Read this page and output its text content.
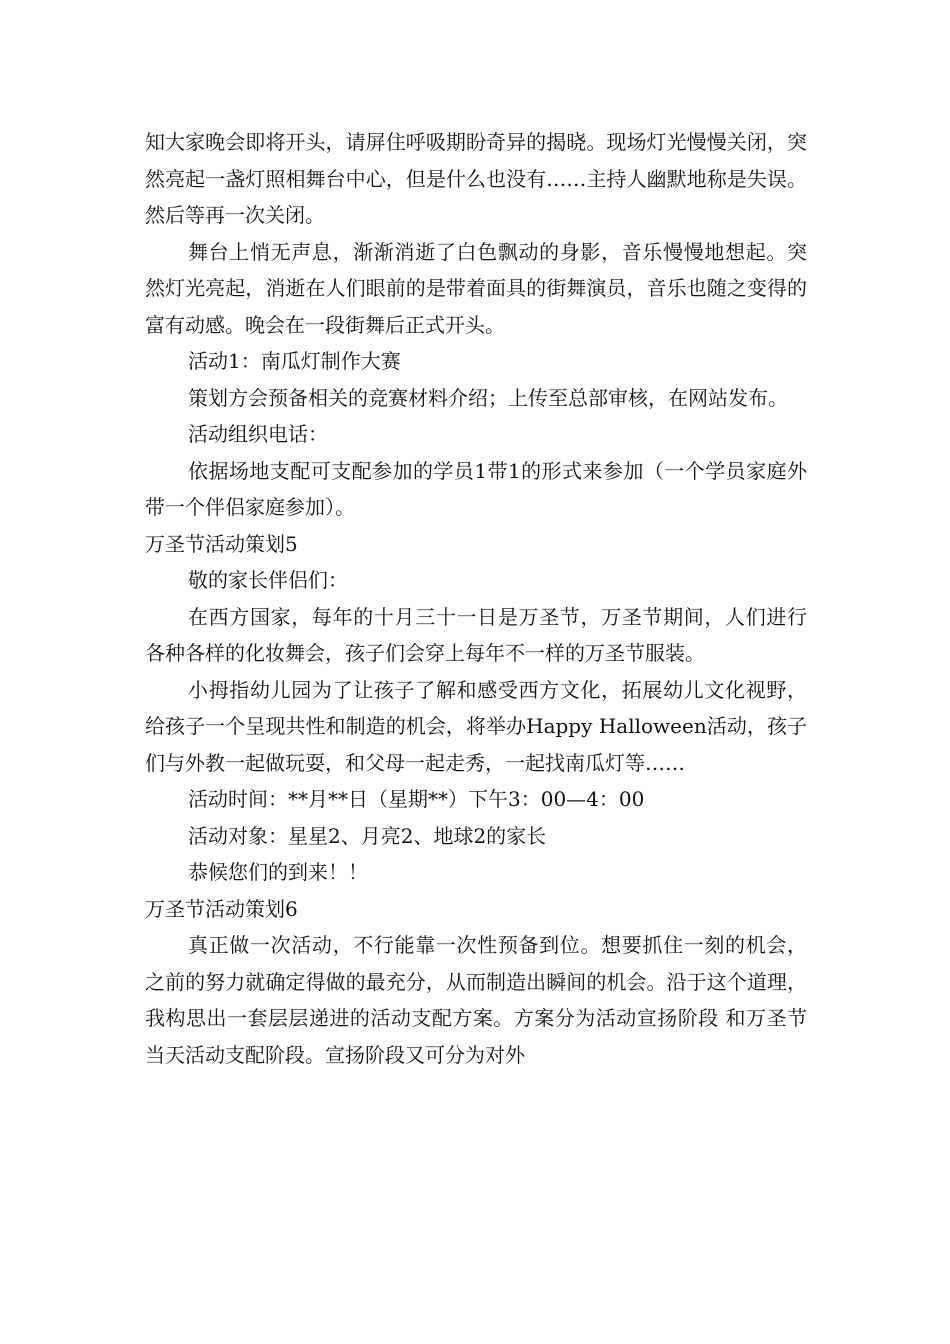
知大家晚会即将开头，请屏住呼吸期盼奇异的揭晓。现场灯光慢慢关闭，突然亮起一盏灯照相舞台中心，但是什么也没有……主持人幽默地称是失误。然后等再一次关闭。

舞台上悄无声息，渐渐消逝了白色飘动的身影，音乐慢慢地想起。突然灯光亮起，消逝在人们眼前的是带着面具的街舞演员，音乐也随之变得的富有动感。晚会在一段街舞后正式开头。

活动1：南瓜灯制作大赛

策划方会预备相关的竞赛材料介绍；上传至总部审核，在网站发布。

活动组织电话：

依据场地支配可支配参加的学员1带1的形式来参加（一个学员家庭外带一个伴侣家庭参加）。

万圣节活动策划5

敬的家长伴侣们：

在西方国家，每年的十月三十一日是万圣节，万圣节期间，人们进行各种各样的化妆舞会，孩子们会穿上每年不一样的万圣节服装。

小拇指幼儿园为了让孩子了解和感受西方文化，拓展幼儿文化视野，给孩子一个呈现共性和制造的机会，将举办Happy Halloween活动，孩子们与外教一起做玩耍，和父母一起走秀，一起找南瓜灯等……

活动时间：**月**日（星期**）下午3：00—4：00

活动对象：星星2、月亮2、地球2的家长

恭候您们的到来！！

万圣节活动策划6

真正做一次活动，不行能靠一次性预备到位。想要抓住一刻的机会，之前的努力就确定得做的最充分，从而制造出瞬间的机会。沿于这个道理，我构思出一套层层递进的活动支配方案。方案分为活动宣扬阶段 和万圣节当天活动支配阶段。宣扬阶段又可分为对外
